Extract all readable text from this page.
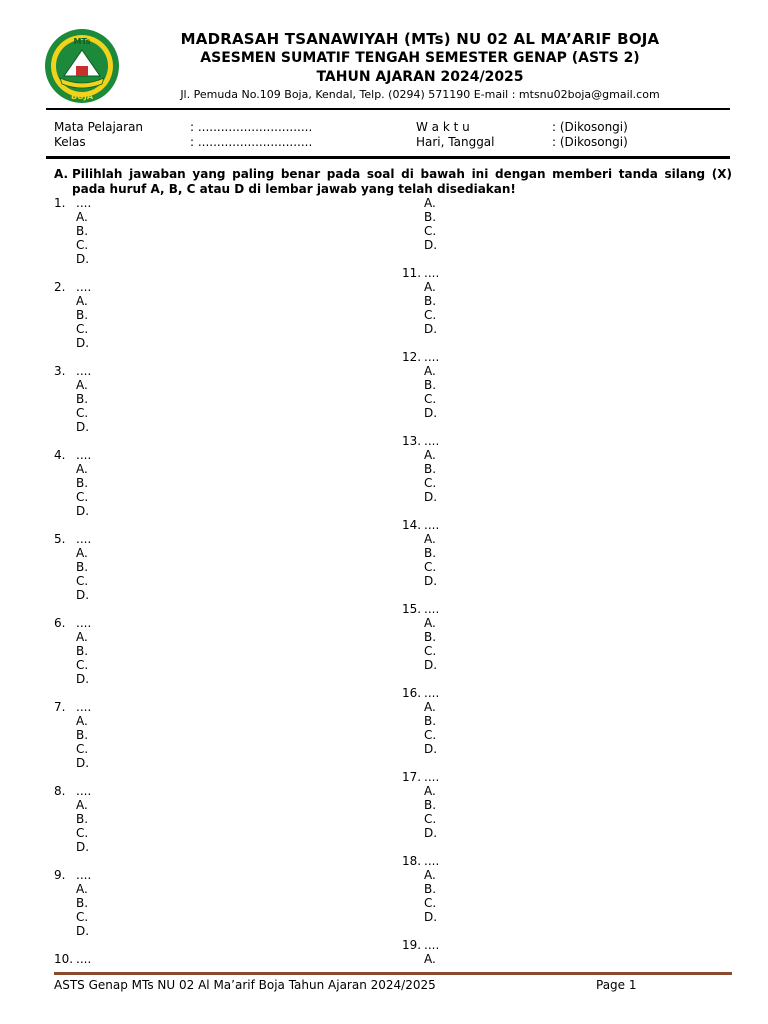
MTs
BOJA
MADRASAH TSANAWIYAH (MTs) NU 02 AL MA’ARIF BOJA
ASESMEN SUMATIF TENGAH SEMESTER GENAP (ASTS 2)
TAHUN AJARAN 2024/2025
Jl. Pemuda No.109 Boja, Kendal, Telp. (0294) 571190 E-mail : mtsnu02boja@gmail.com
Mata Pelajaran	: ..............................
Kelas	: ..............................
W a k t u	: (Dikosongi)
Hari, Tanggal	: (Dikosongi)
A. Pilihlah jawaban yang paling benar pada soal di bawah ini dengan memberi tanda silang (X) pada huruf A, B, C atau D di lembar jawab yang telah disediakan!
1. ....
A.
B.
C.
D.
2. ....
A.
B.
C.
D.
3. ....
A.
B.
C.
D.
4. ....
A.
B.
C.
D.
5. ....
A.
B.
C.
D.
6. ....
A.
B.
C.
D.
7. ....
A.
B.
C.
D.
8. ....
A.
B.
C.
D.
9. ....
A.
B.
C.
D.
10. ....
A.
B.
C.
D.
11. ....
A.
B.
C.
D.
12. ....
A.
B.
C.
D.
13. ....
A.
B.
C.
D.
14. ....
A.
B.
C.
D.
15. ....
A.
B.
C.
D.
16. ....
A.
B.
C.
D.
17. ....
A.
B.
C.
D.
18. ....
A.
B.
C.
D.
19. ....
A.
ASTS Genap MTs NU 02 Al Ma’arif Boja Tahun Ajaran 2024/2025	Page 1
